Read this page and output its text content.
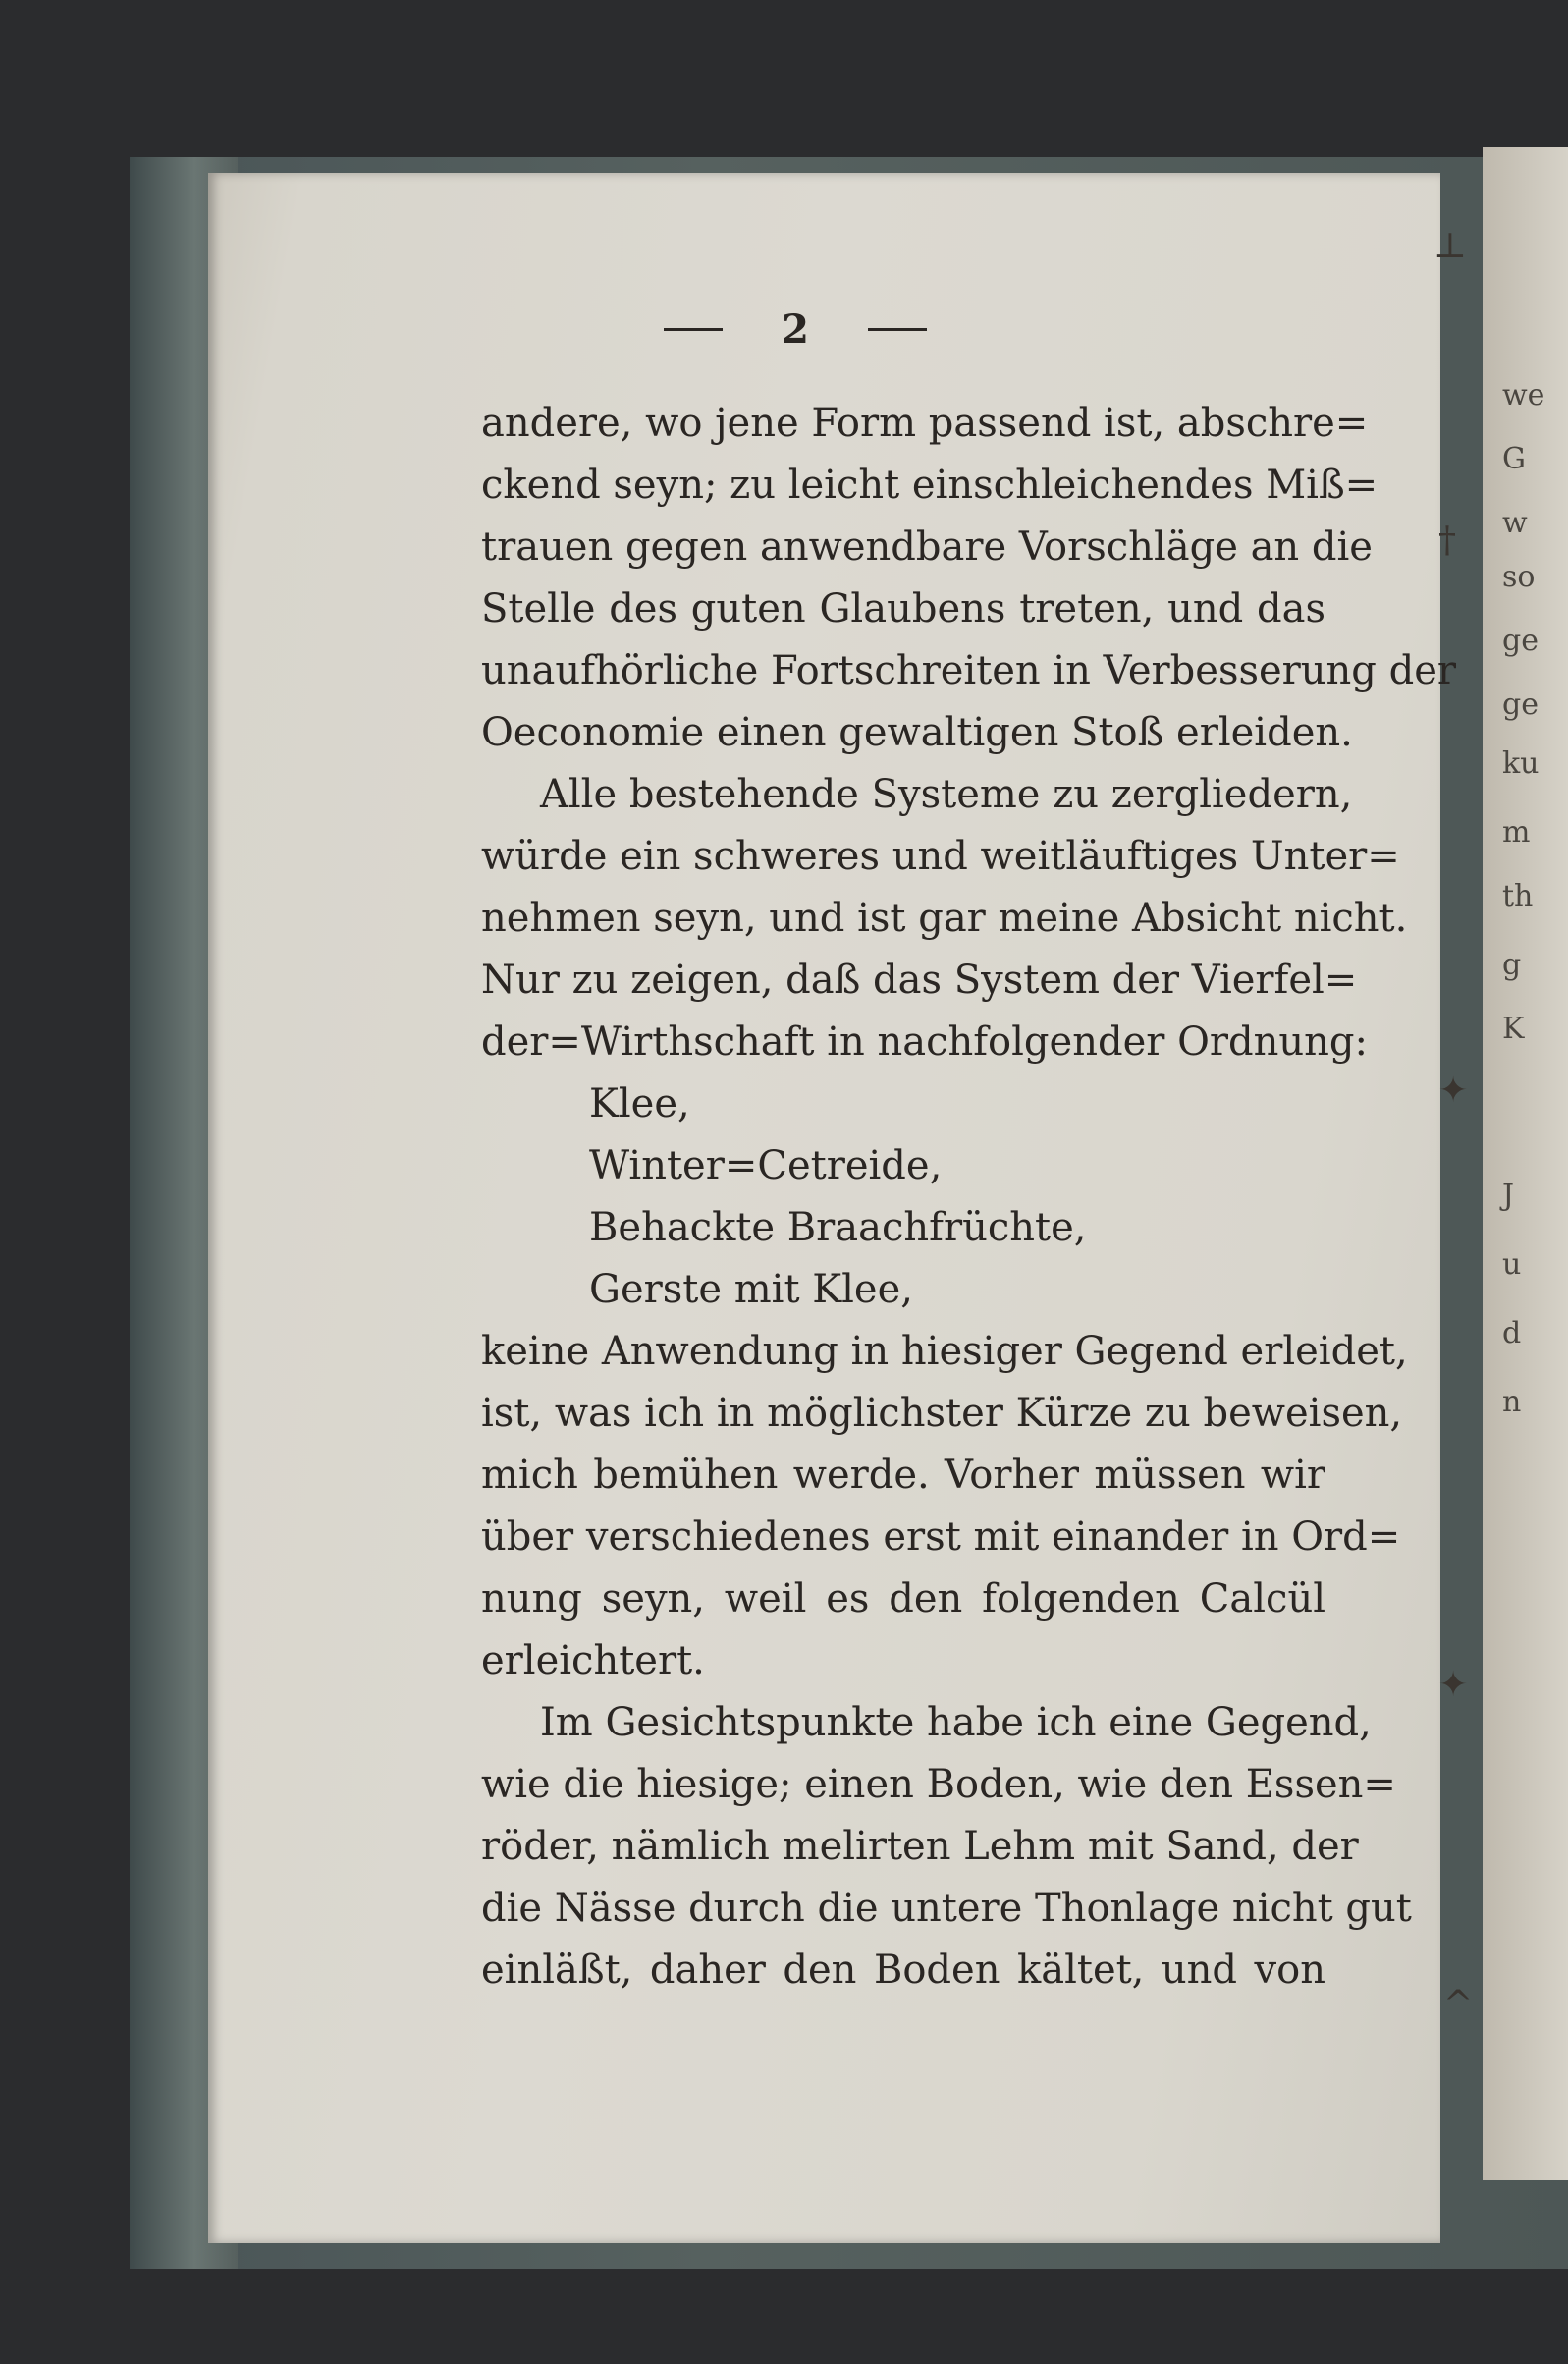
we
G
w
so
ge
ge
ku
m
th
g
K
J
u
d
n
⊥
†
✦
✦
^
2
andere, wo jene Form passend ist, abschre=
ckend seyn; zu leicht einschleichendes Miß=
trauen gegen anwendbare Vorschläge an die
Stelle des guten Glaubens treten, und das
unaufhörliche Fortschreiten in Verbesserung der
Oeconomie einen gewaltigen Stoß erleiden.
Alle bestehende Systeme zu zergliedern,
würde ein schweres und weitläuftiges Unter=
nehmen seyn, und ist gar meine Absicht nicht.
Nur zu zeigen, daß das System der Vierfel=
der=Wirthschaft in nachfolgender Ordnung:
Klee,
Winter=Cetreide,
Behackte Braachfrüchte,
Gerste mit Klee,
keine Anwendung in hiesiger Gegend erleidet,
ist, was ich in möglichster Kürze zu beweisen,
mich bemühen werde. Vorher müssen wir
über verschiedenes erst mit einander in Ord=
nung seyn, weil es den folgenden Calcül
erleichtert.
Im Gesichtspunkte habe ich eine Gegend,
wie die hiesige; einen Boden, wie den Essen=
röder, nämlich melirten Lehm mit Sand, der
die Nässe durch die untere Thonlage nicht gut
einläßt, daher den Boden kältet, und von
